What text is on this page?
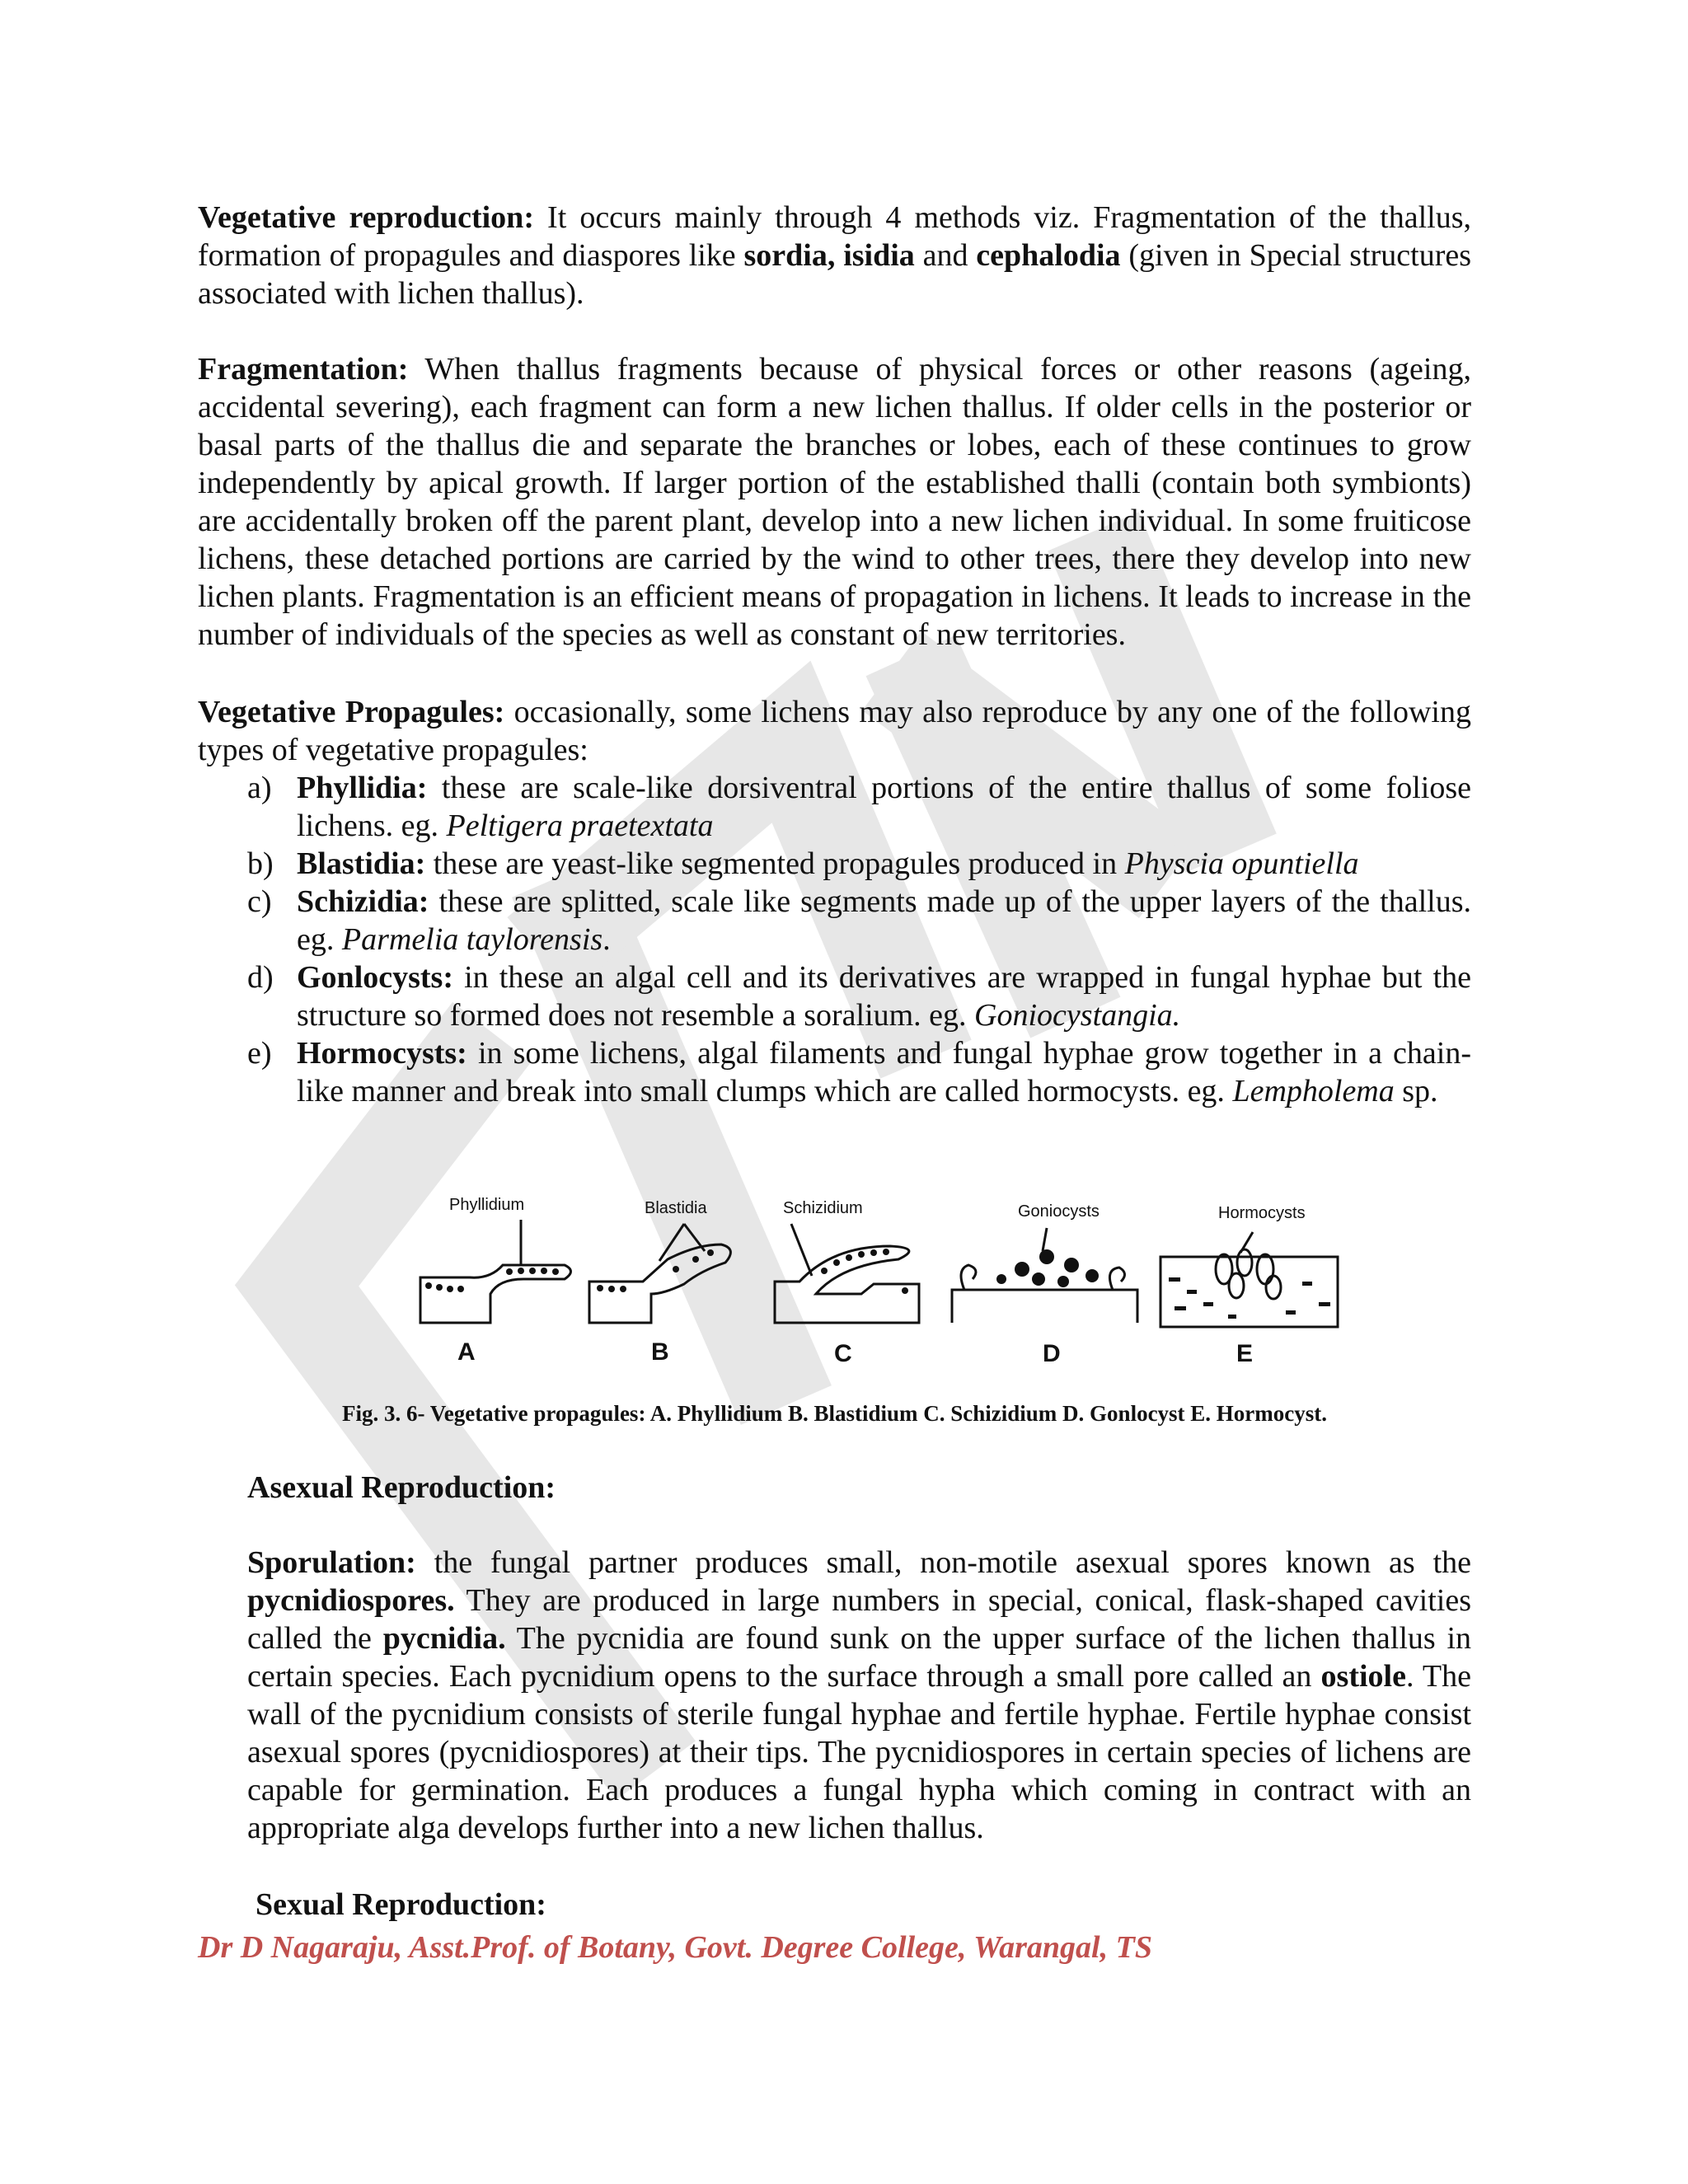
Vegetative reproduction: It occurs mainly through 4 methods viz. Fragmentation of the thallus, formation of propagules and diaspores like sordia, isidia and cephalodia (given in Special structures associated with lichen thallus).

Fragmentation: When thallus fragments because of physical forces or other reasons (ageing, accidental severing), each fragment can form a new lichen thallus. If older cells in the posterior or basal parts of the thallus die and separate the branches or lobes, each of these continues to grow independently by apical growth. If larger portion of the established thalli (contain both symbionts) are accidentally broken off the parent plant, develop into a new lichen individual. In some fruiticose lichens, these detached portions are carried by the wind to other trees, there they develop into new lichen plants. Fragmentation is an efficient means of propagation in lichens. It leads to increase in the number of individuals of the species as well as constant of new territories.

Vegetative Propagules: occasionally, some lichens may also reproduce by any one of the following types of vegetative propagules:

a) Phyllidia: these are scale-like dorsiventral portions of the entire thallus of some foliose lichens. eg. Peltigera praetextata
b) Blastidia: these are yeast-like segmented propagules produced in Physcia opuntiella
c) Schizidia: these are splitted, scale like segments made up of the upper layers of the thallus. eg. Parmelia taylorensis.
d) Gonlocysts: in these an algal cell and its derivatives are wrapped in fungal hyphae but the structure so formed does not resemble a soralium. eg. Goniocystangia.
e) Hormocysts: in some lichens, algal filaments and fungal hyphae grow together in a chain-like manner and break into small clumps which are called hormocysts. eg. Lempholema sp.
Phyllidium	Blastidia	Schizidium	Goniocysts	Hormocysts
A	B	C	D	E
Fig. 3. 6- Vegetative propagules: A. Phyllidium B. Blastidium C. Schizidium D. Gonlocyst E. Hormocyst.
Asexual Reproduction:

Sporulation: the fungal partner produces small, non-motile asexual spores known as the pycnidiospores. They are produced in large numbers in special, conical, flask-shaped cavities called the pycnidia. The pycnidia are found sunk on the upper surface of the lichen thallus in certain species. Each pycnidium opens to the surface through a small pore called an ostiole. The wall of the pycnidium consists of sterile fungal hyphae and fertile hyphae. Fertile hyphae consist asexual spores (pycnidiospores) at their tips. The pycnidiospores in certain species of lichens are capable for germination. Each produces a fungal hypha which coming in contract with an appropriate alga develops further into a new lichen thallus.

Sexual Reproduction:
Dr D Nagaraju, Asst.Prof. of Botany, Govt. Degree College, Warangal, TS
